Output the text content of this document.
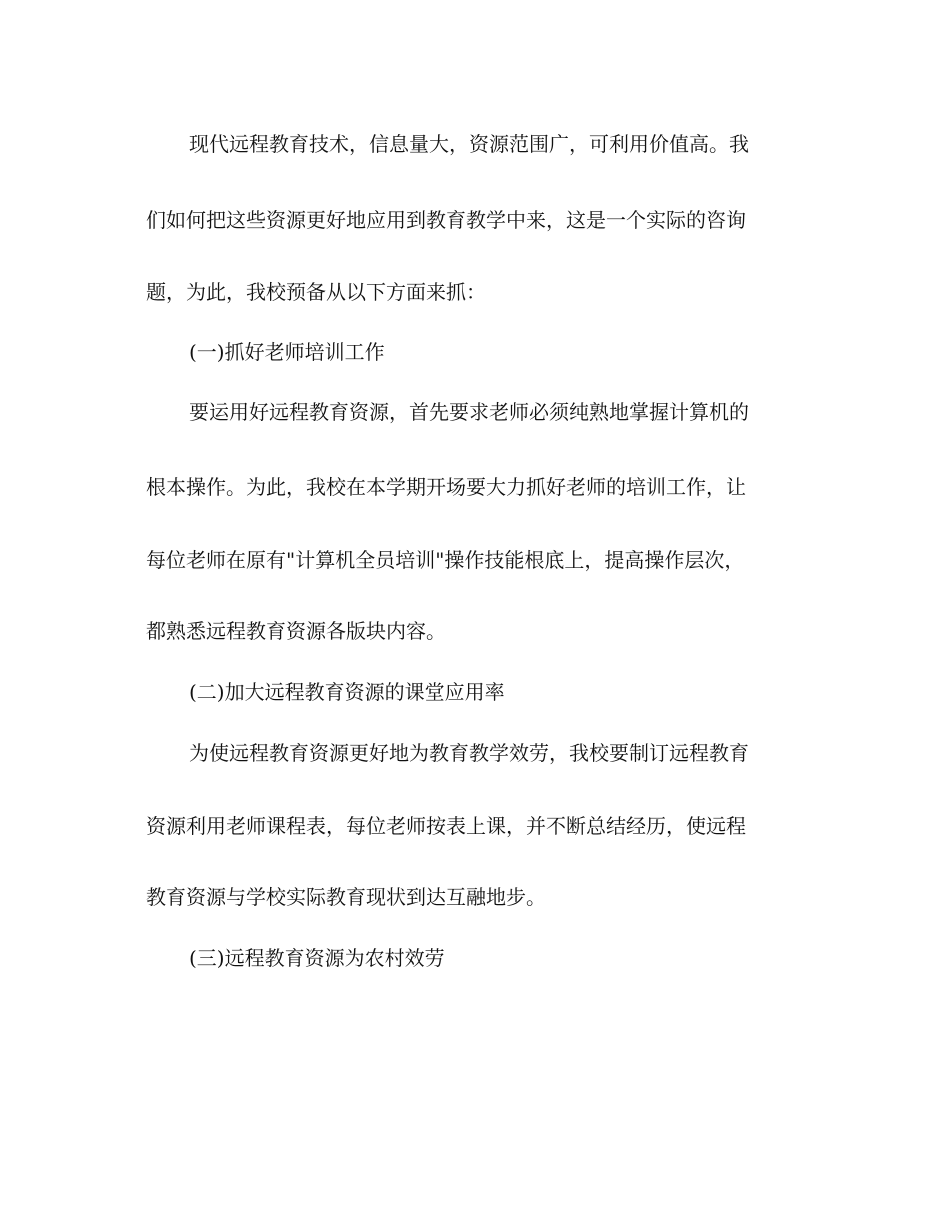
现代远程教育技术，信息量大，资源范围广，可利用价值高。我
们如何把这些资源更好地应用到教育教学中来，这是一个实际的咨询
题，为此，我校预备从以下方面来抓：
(一)抓好老师培训工作
要运用好远程教育资源，首先要求老师必须纯熟地掌握计算机的
根本操作。为此，我校在本学期开场要大力抓好老师的培训工作，让
每位老师在原有"计算机全员培训"操作技能根底上，提高操作层次，
都熟悉远程教育资源各版块内容。
(二)加大远程教育资源的课堂应用率
为使远程教育资源更好地为教育教学效劳，我校要制订远程教育
资源利用老师课程表，每位老师按表上课，并不断总结经历，使远程
教育资源与学校实际教育现状到达互融地步。
(三)远程教育资源为农村效劳
